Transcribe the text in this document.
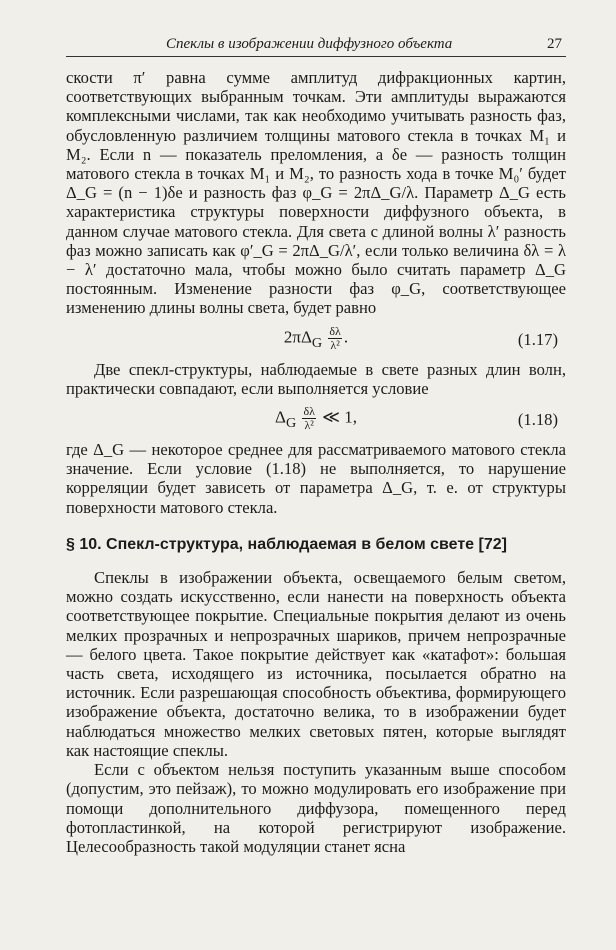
Спеклы в изображении диффузного объекта	27

скости π′ равна сумме амплитуд дифракционных картин, соответствующих выбранным точкам. Эти амплитуды выражаются комплексными числами, так как необходимо учитывать разность фаз, обусловленную различием толщины матового стекла в точках M₁ и M₂. Если n — показатель преломления, а δe — разность толщин матового стекла в точках M₁ и M₂, то разность хода в точке M₀′ будет Δ_G = (n − 1)δe и разность фаз φ_G = 2πΔ_G/λ. Параметр Δ_G есть характеристика структуры поверхности диффузного объекта, в данном случае матового стекла. Для света с длиной волны λ′ разность фаз можно записать как φ′_G = 2πΔ_G/λ′, если только величина δλ = λ − λ′ достаточно мала, чтобы можно было считать параметр Δ_G постоянным. Изменение разности фаз φ_G, соответствующее изменению длины волны света, будет равно

$2\pi\Delta_G \frac{\delta\lambda}{\text{λ²}}$ .	(1.17)

Две спекл-структуры, наблюдаемые в свете разных длин волн, практически совпадают, если выполняется условие

$\Delta_G \frac{\delta\lambda}{\text{λ²}}$ ≪ 1,	(1.18)

где Δ_G — некоторое среднее для рассматриваемого матового стекла значение. Если условие (1.18) не выполняется, то нарушение корреляции будет зависеть от параметра Δ_G, т. е. от структуры поверхности матового стекла.

§ 10. Спекл-структура, наблюдаемая в белом свете [72]

Спеклы в изображении объекта, освещаемого белым светом, можно создать искусственно, если нанести на поверхность объекта соответствующее покрытие. Специальные покрытия делают из очень мелких прозрачных и непрозрачных шариков, причем непрозрачные — белого цвета. Такое покрытие действует как «катафот»: большая часть света, исходящего из источника, посылается обратно на источник. Если разрешающая способность объектива, формирующего изображение объекта, достаточно велика, то в изображении будет наблюдаться множество мелких световых пятен, которые выглядят как настоящие спеклы.

Если с объектом нельзя поступить указанным выше способом (допустим, это пейзаж), то можно модулировать его изображение при помощи дополнительного диффузора, помещенного перед фотопластинкой, на которой регистрируют изображение. Целесообразность такой модуляции станет ясна
